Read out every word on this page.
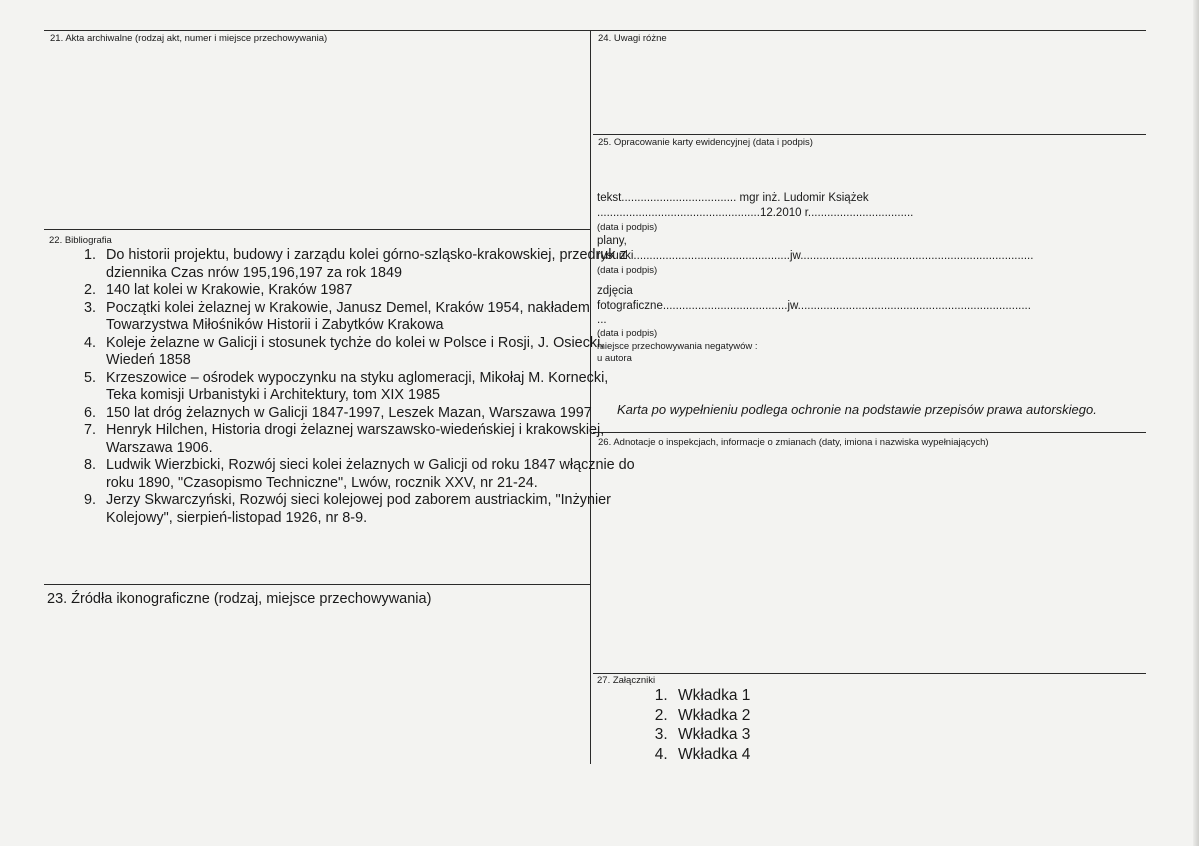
21. Akta archiwalne (rodzaj akt, numer i miejsce przechowywania)	24. Uwagi różne
25. Opracowanie karty ewidencyjnej (data i podpis)
22. Bibliografia
26. Adnotacje o inspekcjach, informacje o zmianach (daty, imiona i nazwiska wypełniających)
27. Załączniki
23. Źródła ikonograficzne (rodzaj, miejsce przechowywania)
1. Do historii projektu, budowy i zarządu kolei górno-szląsko-krakowskiej, przedruk z dziennika Czas nrów 195,196,197 za rok 1849
2. 140 lat kolei w Krakowie, Kraków 1987
3. Początki kolei żelaznej w Krakowie, Janusz Demel, Kraków 1954, nakładem Towarzystwa Miłośników Historii i Zabytków Krakowa
4. Koleje żelazne w Galicji i stosunek tychże do kolei w Polsce i Rosji, J. Osiecki, Wiedeń 1858
5. Krzeszowice – ośrodek wypoczynku na styku aglomeracji, Mikołaj M. Kornecki, Teka komisji Urbanistyki i Architektury, tom XIX 1985
6. 150 lat dróg żelaznych w Galicji 1847-1997, Leszek Mazan, Warszawa 1997
7. Henryk Hilchen, Historia drogi żelaznej warszawsko-wiedeńskiej i krakowskiej, Warszawa 1906.
8. Ludwik Wierzbicki, Rozwój sieci kolei żelaznych w Galicji od roku 1847 włącznie do roku 1890, "Czasopismo Techniczne", Lwów, rocznik XXV, nr 21-24.
9. Jerzy Skwarczyński, Rozwój sieci kolejowej pod zaborem austriackim, "Inżynier Kolejowy", sierpień-listopad 1926, nr 8-9.
tekst.................................... mgr inż. Ludomir Książek
...................................................12.2010 r.................................
(data i podpis)
plany,
rysunki.................................................jw.........................................................................
(data i podpis)
zdjęcia
fotograficzne.......................................jw.........................................................................
...
(data i podpis)
miejsce przechowywania negatywów :
u autora
Karta po wypełnieniu podlega ochronie na podstawie przepisów prawa autorskiego.
1. Wkładka 1
2. Wkładka 2
3. Wkładka 3
4. Wkładka 4
